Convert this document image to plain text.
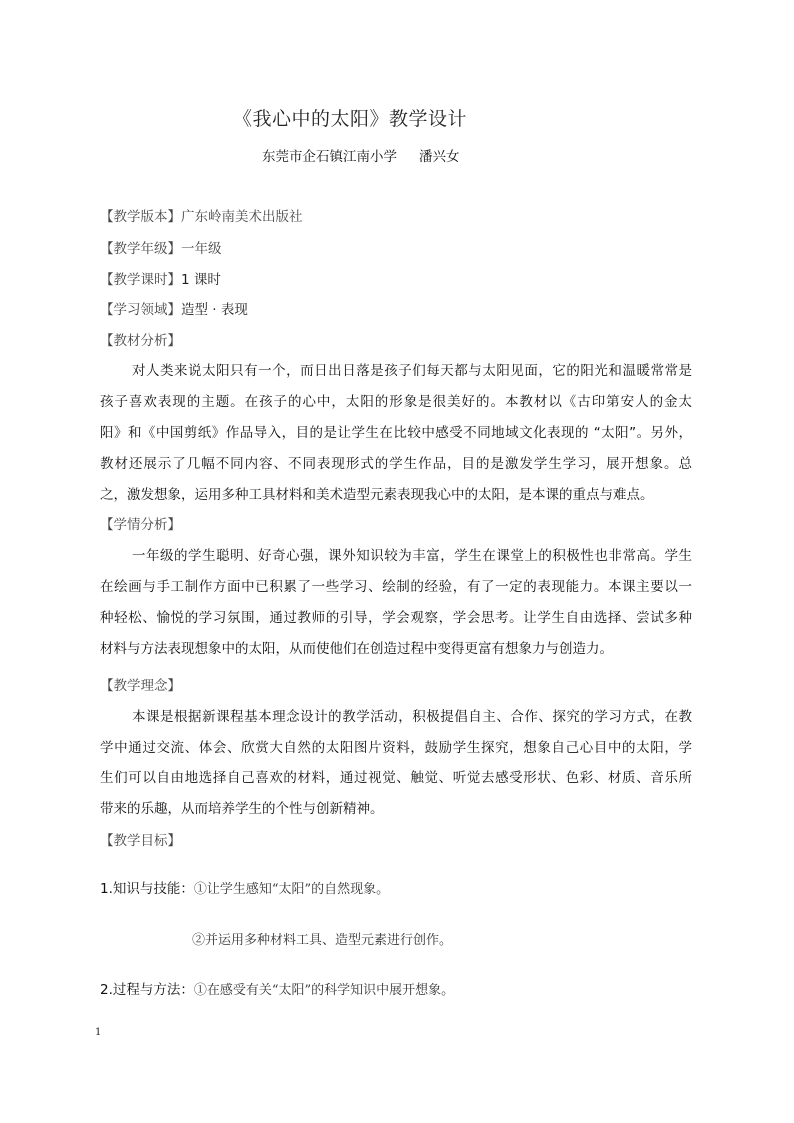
《我心中的太阳》教学设计
东莞市企石镇江南小学 潘兴女
【教学版本】广东岭南美术出版社
【教学年级】一年级
【教学课时】1 课时
【学习领域】造型 · 表现
【教材分析】
对人类来说太阳只有一个，而日出日落是孩子们每天都与太阳见面，它的阳光和温暖常常是
孩子喜欢表现的主题。在孩子的心中，太阳的形象是很美好的。本教材以《古印第安人的金太
阳》和《中国剪纸》作品导入，目的是让学生在比较中感受不同地域文化表现的 “太阳”。另外，
教材还展示了几幅不同内容、不同表现形式的学生作品，目的是激发学生学习，展开想象。总
之，激发想象，运用多种工具材料和美术造型元素表现我心中的太阳，是本课的重点与难点。
【学情分析】
一年级的学生聪明、好奇心强，课外知识较为丰富，学生在课堂上的积极性也非常高。学生
在绘画与手工制作方面中已积累了一些学习、绘制的经验，有了一定的表现能力。本课主要以一
种轻松、愉悦的学习氛围，通过教师的引导，学会观察，学会思考。让学生自由选择、尝试多种
材料与方法表现想象中的太阳，从而使他们在创造过程中变得更富有想象力与创造力。
【教学理念】
本课是根据新课程基本理念设计的教学活动，积极提倡自主、合作、探究的学习方式，在教
学中通过交流、体会、欣赏大自然的太阳图片资料，鼓励学生探究，想象自己心目中的太阳，学
生们可以自由地选择自己喜欢的材料，通过视觉、触觉、听觉去感受形状、色彩、材质、音乐所
带来的乐趣，从而培养学生的个性与创新精神。
【教学目标】
1.知识与技能：①让学生感知“太阳”的自然现象。
②并运用多种材料工具、造型元素进行创作。
2.过程与方法：①在感受有关“太阳”的科学知识中展开想象。
1
